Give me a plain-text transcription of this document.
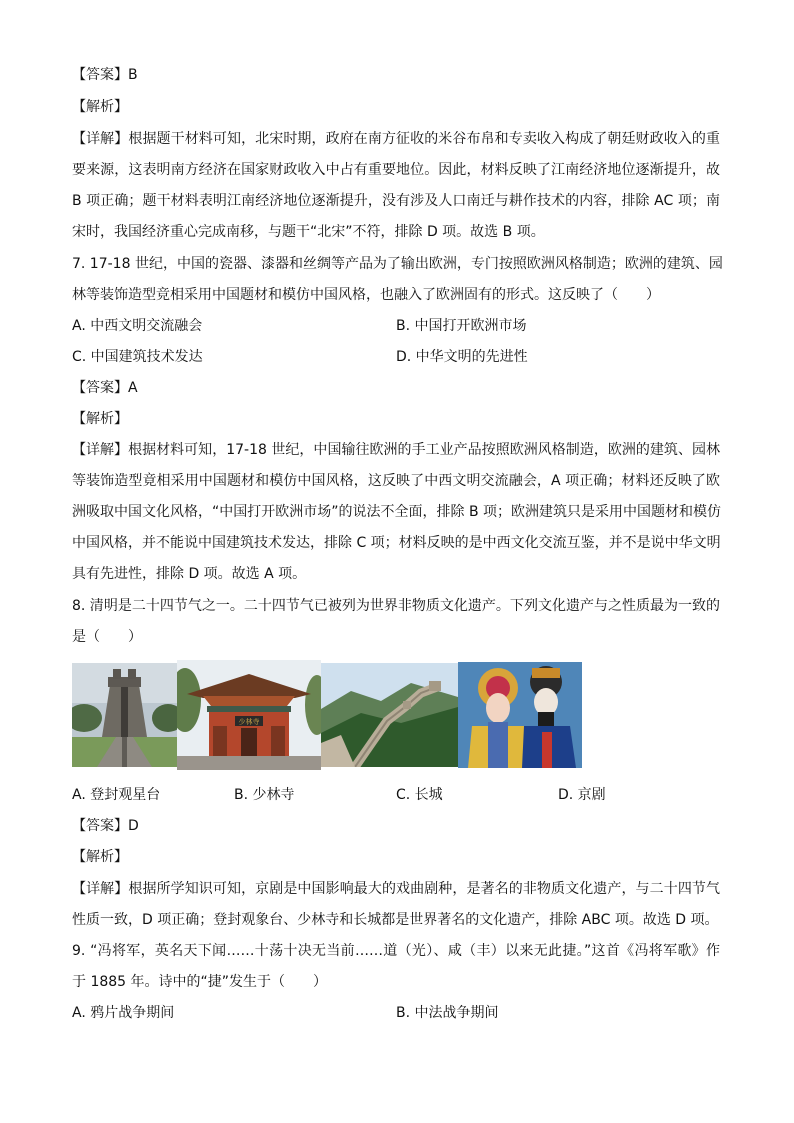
【答案】B
【解析】
【详解】根据题干材料可知，北宋时期，政府在南方征收的米谷布帛和专卖收入构成了朝廷财政收入的重
要来源，这表明南方经济在国家财政收入中占有重要地位。因此，材料反映了江南经济地位逐渐提升，故
B 项正确；题干材料表明江南经济地位逐渐提升，没有涉及人口南迁与耕作技术的内容，排除 AC 项；南
宋时，我国经济重心完成南移，与题干“北宋”不符，排除 D 项。故选 B 项。
7. 17-18 世纪，中国的瓷器、漆器和丝绸等产品为了输出欧洲，专门按照欧洲风格制造；欧洲的建筑、园
林等装饰造型竞相采用中国题材和模仿中国风格，也融入了欧洲固有的形式。这反映了（　　）
A. 中西文明交流融会	B. 中国打开欧洲市场
C. 中国建筑技术发达	D. 中华文明的先进性
【答案】A
【解析】
【详解】根据材料可知，17-18 世纪，中国输往欧洲的手工业产品按照欧洲风格制造，欧洲的建筑、园林
等装饰造型竟相采用中国题材和模仿中国风格，这反映了中西文明交流融会，A 项正确；材料还反映了欧
洲吸取中国文化风格，“中国打开欧洲市场”的说法不全面，排除 B 项；欧洲建筑只是采用中国题材和模仿
中国风格，并不能说中国建筑技术发达，排除 C 项；材料反映的是中西文化交流互鉴，并不是说中华文明
具有先进性，排除 D 项。故选 A 项。
8. 清明是二十四节气之一。二十四节气已被列为世界非物质文化遗产。下列文化遗产与之性质最为一致的
是（　　）
少林寺
A. 登封观星台	B. 少林寺	C. 长城	D. 京剧
【答案】D
【解析】
【详解】根据所学知识可知，京剧是中国影响最大的戏曲剧种，是著名的非物质文化遗产，与二十四节气
性质一致，D 项正确；登封观象台、少林寺和长城都是世界著名的文化遗产，排除 ABC 项。故选 D 项。
9. “冯将军，英名天下闻……十荡十决无当前……道（光）、咸（丰）以来无此捷。”这首《冯将军歌》作
于 1885 年。诗中的“捷”发生于（　　）
A. 鸦片战争期间	B. 中法战争期间
